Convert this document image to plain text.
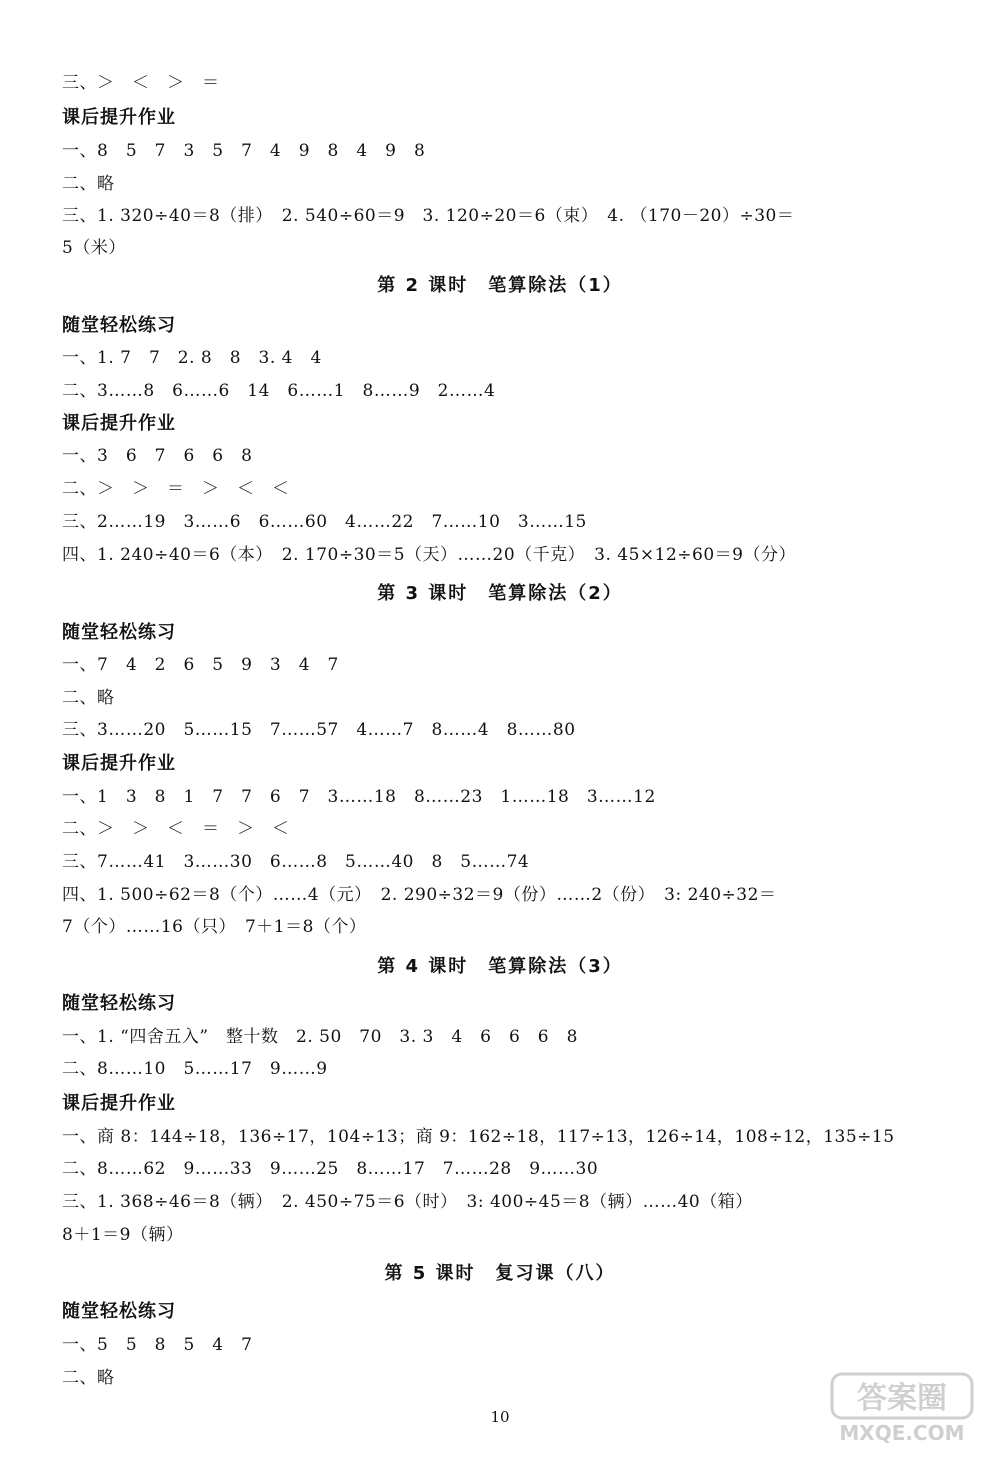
三、＞　＜　＞　＝
课后提升作业
一、8　5　7　3　5　7　4　9　8　4　9　8
二、略
三、1. 320÷40＝8（排）　2. 540÷60＝9　3. 120÷20＝6（束）　4. （170－20）÷30＝
5（米）
第 2 课时　笔算除法（1）
随堂轻松练习
一、1. 7　7　2. 8　8　3. 4　4
二、3……8　6……6　14　6……1　8……9　2……4
课后提升作业
一、3　6　7　6　6　8
二、＞　＞　＝　＞　＜　＜
三、2……19　3……6　6……60　4……22　7……10　3……15
四、1. 240÷40＝6（本）　2. 170÷30＝5（天）……20（千克）　3. 45×12÷60＝9（分）
第 3 课时　笔算除法（2）
随堂轻松练习
一、7　4　2　6　5　9　3　4　7
二、略
三、3……20　5……15　7……57　4……7　8……4　8……80
课后提升作业
一、1　3　8　1　7　7　6　7　3……18　8……23　1……18　3……12
二、＞　＞　＜　＝　＞　＜
三、7……41　3……30　6……8　5……40　8　5……74
四、1. 500÷62＝8（个）……4（元）　2. 290÷32＝9（份）……2（份）　3: 240÷32＝
7（个）……16（只）　7＋1＝8（个）
第 4 课时　笔算除法（3）
随堂轻松练习
一、1. “四舍五入”　整十数　2. 50　70　3. 3　4　6　6　6　8
二、8……10　5……17　9……9
课后提升作业
一、商 8：144÷18，136÷17，104÷13；商 9：162÷18，117÷13，126÷14，108÷12，135÷15
二、8……62　9……33　9……25　8……17　7……28　9……30
三、1. 368÷46＝8（辆）　2. 450÷75＝6（时）　3: 400÷45＝8（辆）……40（箱）
8＋1＝9（辆）
第 5 课时　复习课（八）
随堂轻松练习
一、5　5　8　5　4　7
二、略
10
答案圈
MXQE.COM
